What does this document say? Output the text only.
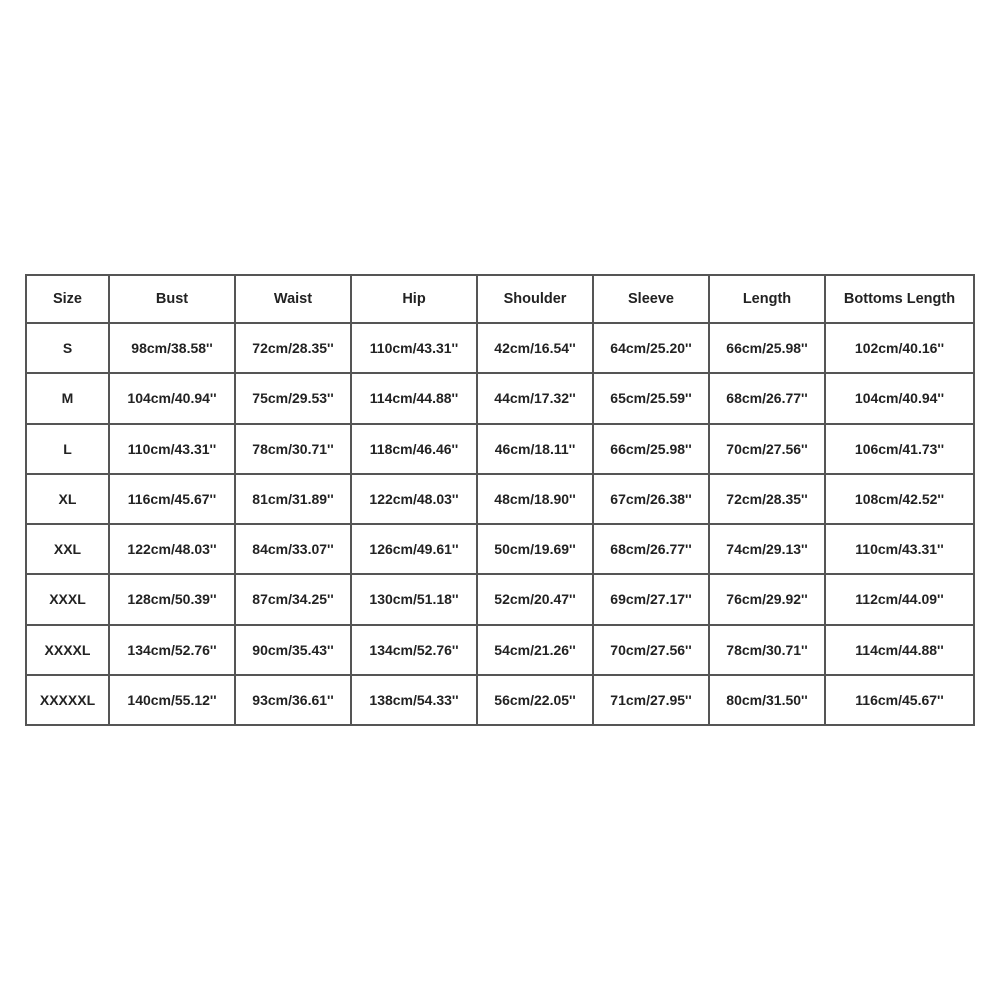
Size	Bust	Waist	Hip	Shoulder	Sleeve	Length	Bottoms Length
S	98cm/38.58''	72cm/28.35''	110cm/43.31''	42cm/16.54''	64cm/25.20''	66cm/25.98''	102cm/40.16''
M	104cm/40.94''	75cm/29.53''	114cm/44.88''	44cm/17.32''	65cm/25.59''	68cm/26.77''	104cm/40.94''
L	110cm/43.31''	78cm/30.71''	118cm/46.46''	46cm/18.11''	66cm/25.98''	70cm/27.56''	106cm/41.73''
XL	116cm/45.67''	81cm/31.89''	122cm/48.03''	48cm/18.90''	67cm/26.38''	72cm/28.35''	108cm/42.52''
XXL	122cm/48.03''	84cm/33.07''	126cm/49.61''	50cm/19.69''	68cm/26.77''	74cm/29.13''	110cm/43.31''
XXXL	128cm/50.39''	87cm/34.25''	130cm/51.18''	52cm/20.47''	69cm/27.17''	76cm/29.92''	112cm/44.09''
XXXXL	134cm/52.76''	90cm/35.43''	134cm/52.76''	54cm/21.26''	70cm/27.56''	78cm/30.71''	114cm/44.88''
XXXXXL	140cm/55.12''	93cm/36.61''	138cm/54.33''	56cm/22.05''	71cm/27.95''	80cm/31.50''	116cm/45.67''
